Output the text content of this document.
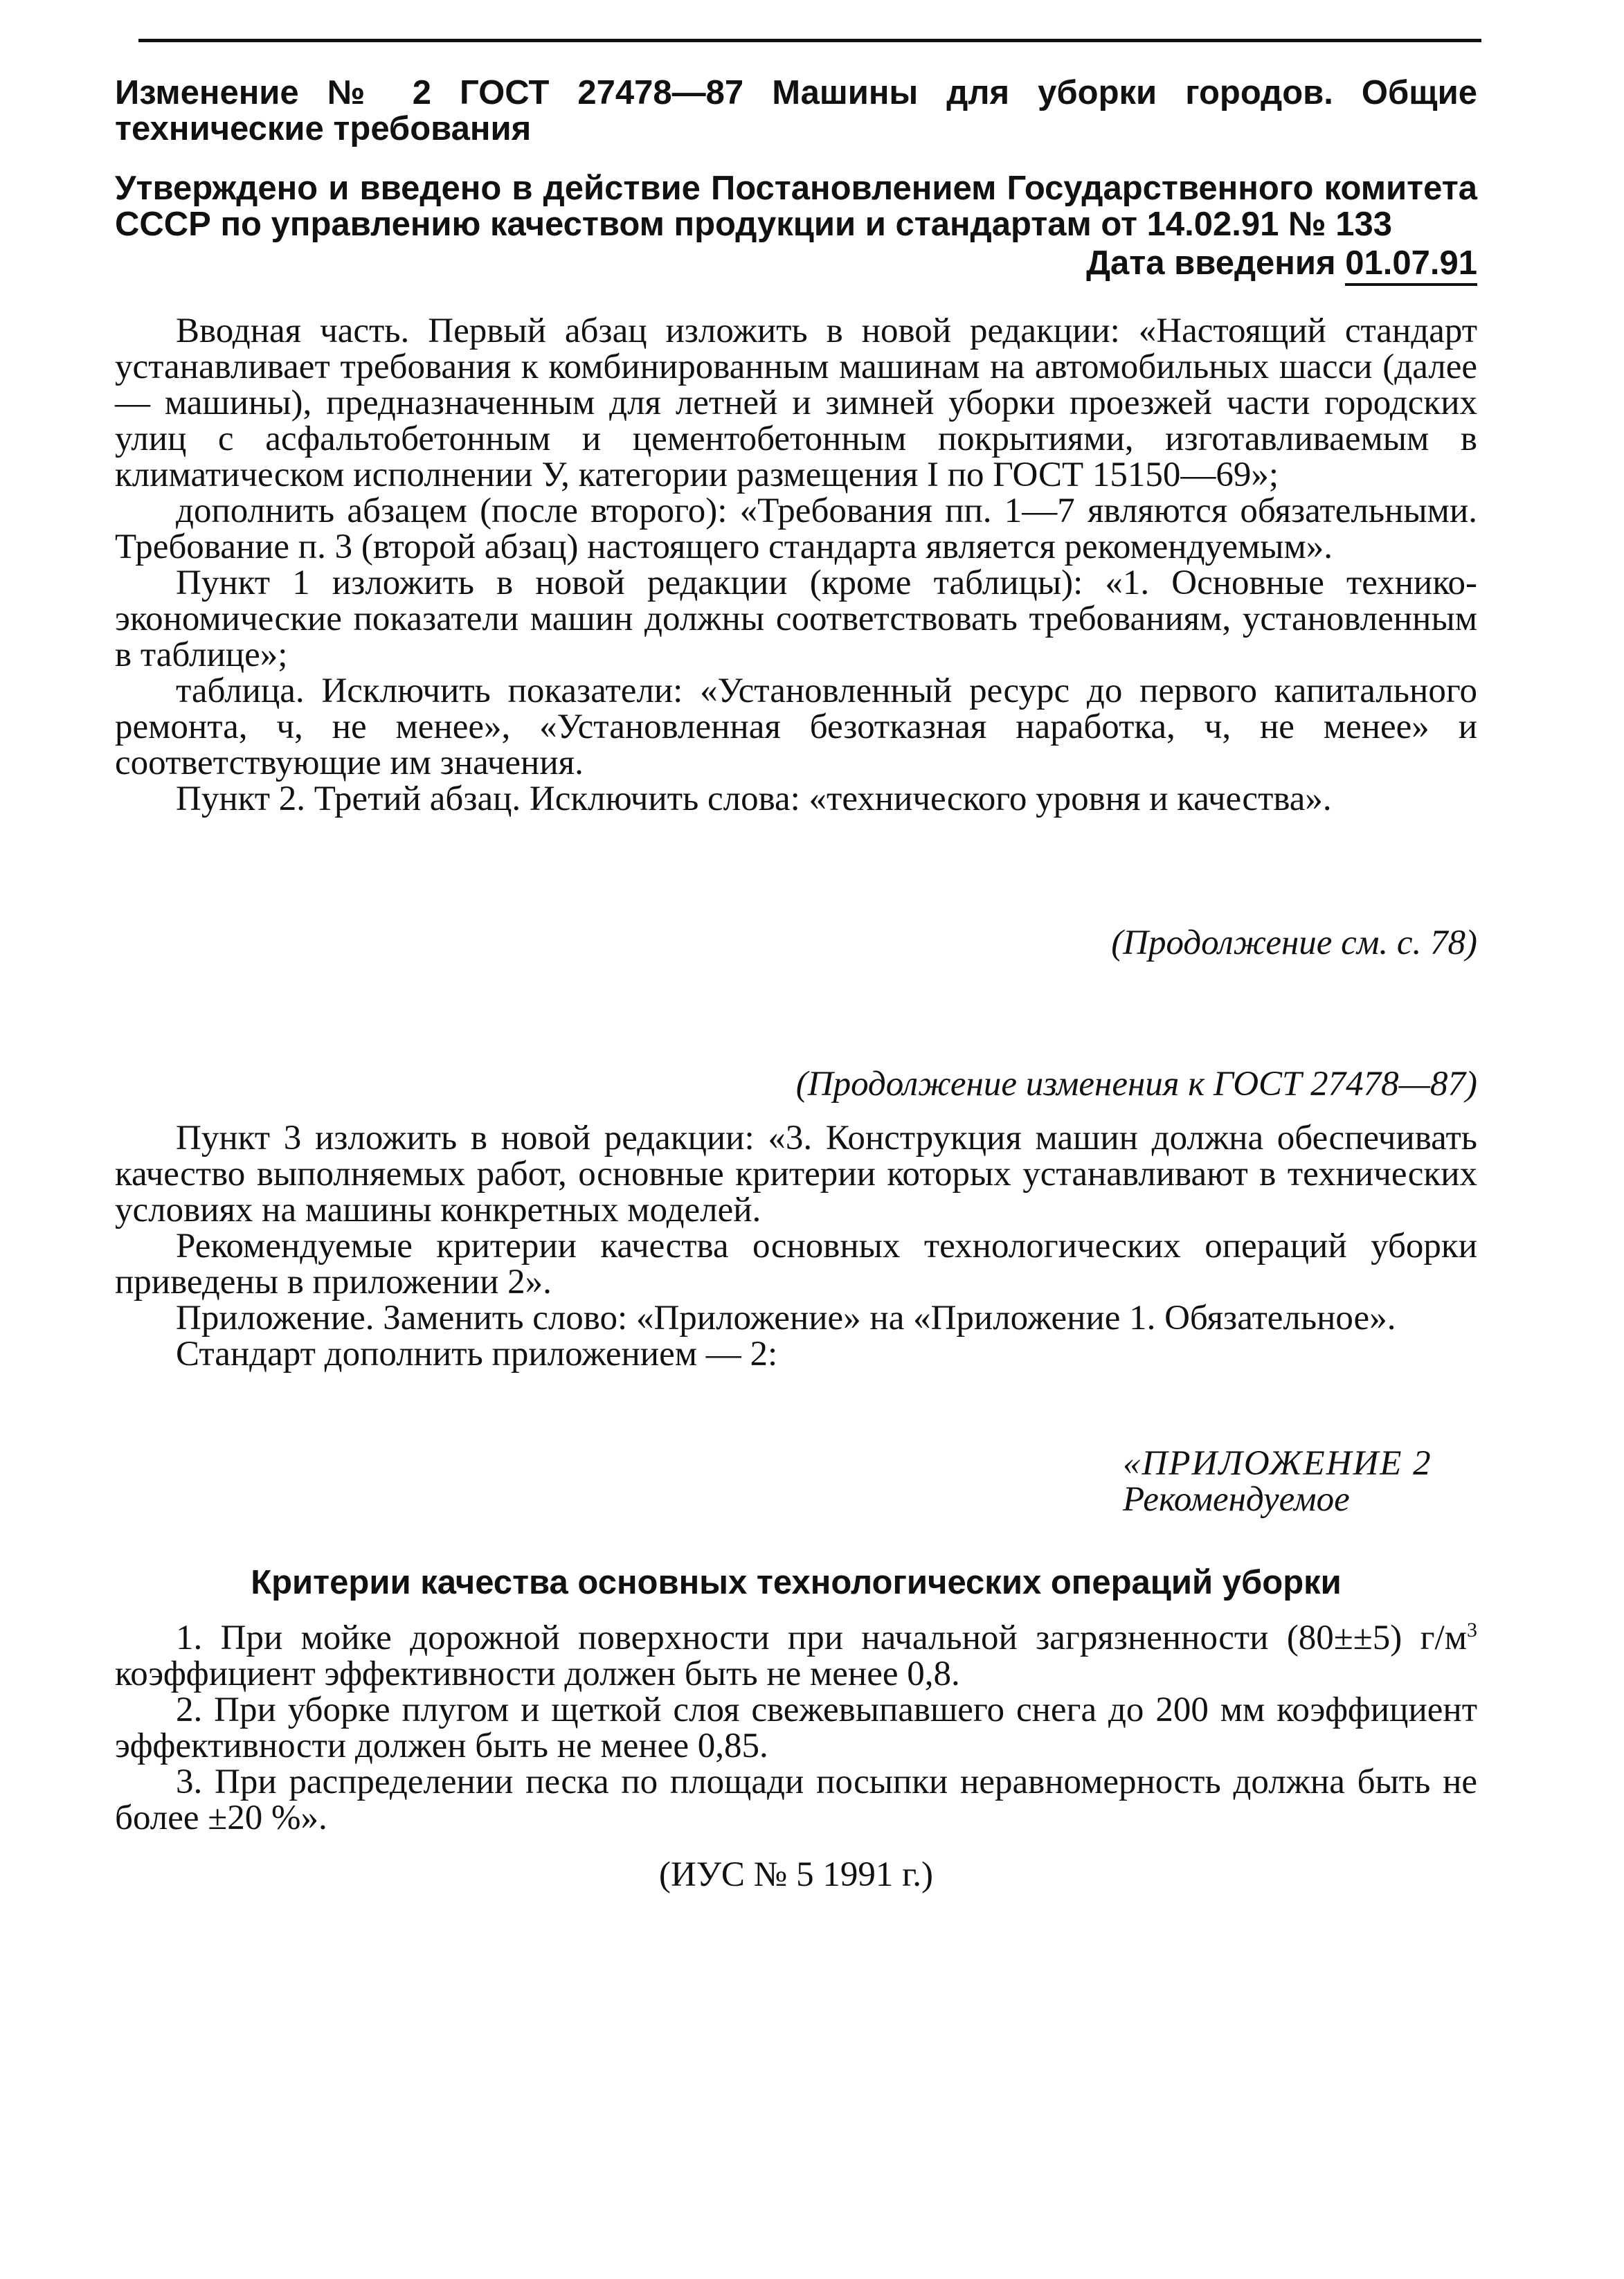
Изменение № 2 ГОСТ 27478—87 Машины для уборки городов. Общие технические требования

Утверждено и введено в действие Постановлением Государственного комитета СССР по управлению качеством продукции и стандартам от 14.02.91 № 133

Дата введения 01.07.91

Вводная часть. Первый абзац изложить в новой редакции: «Настоящий стандарт устанавливает требования к комбинированным машинам на автомобильных шасси (далее — машины), предназначенным для летней и зимней уборки проезжей части городских улиц с асфальтобетонным и цементобетонным покрытиями, изготавливаемым в климатическом исполнении У, категории размещения I по ГОСТ 15150—69»;

дополнить абзацем (после второго): «Требования пп. 1—7 являются обязательными. Требование п. 3 (второй абзац) настоящего стандарта является рекомендуемым».

Пункт 1 изложить в новой редакции (кроме таблицы): «1. Основные технико-экономические показатели машин должны соответствовать требованиям, установленным в таблице»;

таблица. Исключить показатели: «Установленный ресурс до первого капитального ремонта, ч, не менее», «Установленная безотказная наработка, ч, не менее» и соответствующие им значения.

Пункт 2. Третий абзац. Исключить слова: «технического уровня и качества».

(Продолжение см. с. 78)

(Продолжение изменения к ГОСТ 27478—87)

Пункт 3 изложить в новой редакции: «3. Конструкция машин должна обеспечивать качество выполняемых работ, основные критерии которых устанавливают в технических условиях на машины конкретных моделей.

Рекомендуемые критерии качества основных технологических операций уборки приведены в приложении 2».

Приложение. Заменить слово: «Приложение» на «Приложение 1. Обязательное».

Стандарт дополнить приложением — 2:

«ПРИЛОЖЕНИЕ 2

Рекомендуемое

Критерии качества основных технологических операций уборки

1. При мойке дорожной поверхности при начальной загрязненности (80±±5) $г/м^3$ коэффициент эффективности должен быть не менее 0,8.

2. При уборке плугом и щеткой слоя свежевыпавшего снега до 200 мм коэффициент эффективности должен быть не менее 0,85.

3. При распределении песка по площади посыпки неравномерность должна быть не более ±20 %».

(ИУС № 5 1991 г.)
